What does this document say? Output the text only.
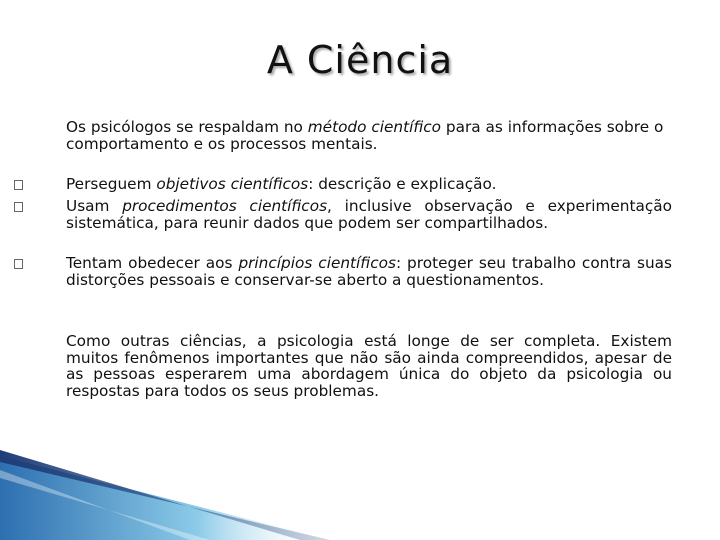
A Ciência

Os psicólogos se respaldam no método científico para as informações sobre o comportamento e os processos mentais.

Perseguem objetivos científicos: descrição e explicação.
Usam procedimentos científicos, inclusive observação e experimentação sistemática, para reunir dados que podem ser compartilhados.
Tentam obedecer aos princípios científicos: proteger seu trabalho contra suas distorções pessoais e conservar-se aberto a questionamentos.

Como outras ciências, a psicologia está longe de ser completa. Existem muitos fenômenos importantes que não são ainda compreendidos, apesar de as pessoas esperarem uma abordagem única do objeto da psicologia ou respostas para todos os seus problemas.
